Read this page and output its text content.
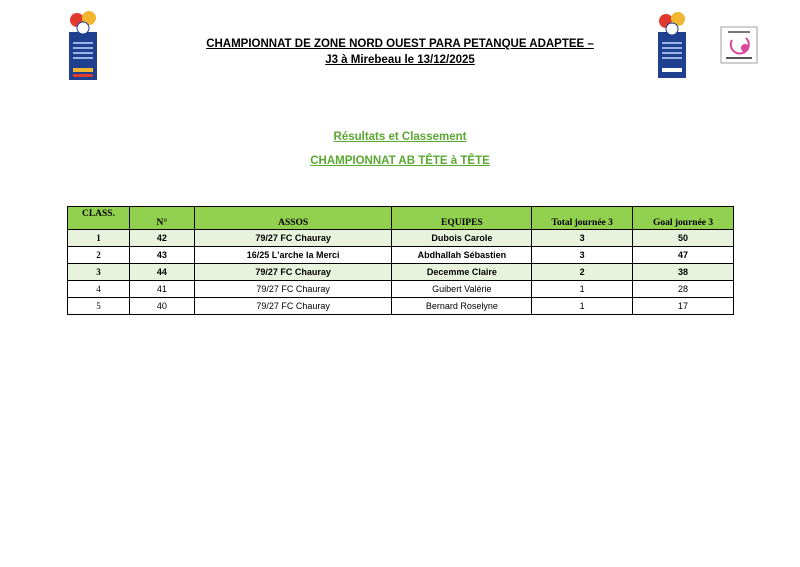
CHAMPIONNAT DE ZONE NORD OUEST PARA PETANQUE ADAPTEE –
J3 à Mirebeau le 13/12/2025
Résultats et Classement
CHAMPIONNAT AB TÊTE à TÊTE
CLASS.	N°	ASSOS	EQUIPES	Total journée 3	Goal journée 3
1	42	79/27 FC Chauray	Dubois Carole	3	50
2	43	16/25 L'arche la Merci	Abdhallah Sébastien	3	47
3	44	79/27 FC Chauray	Decemme Claire	2	38
4	41	79/27 FC Chauray	Guibert Valérie	1	28
5	40	79/27 FC Chauray	Bernard Roselyne	1	17
